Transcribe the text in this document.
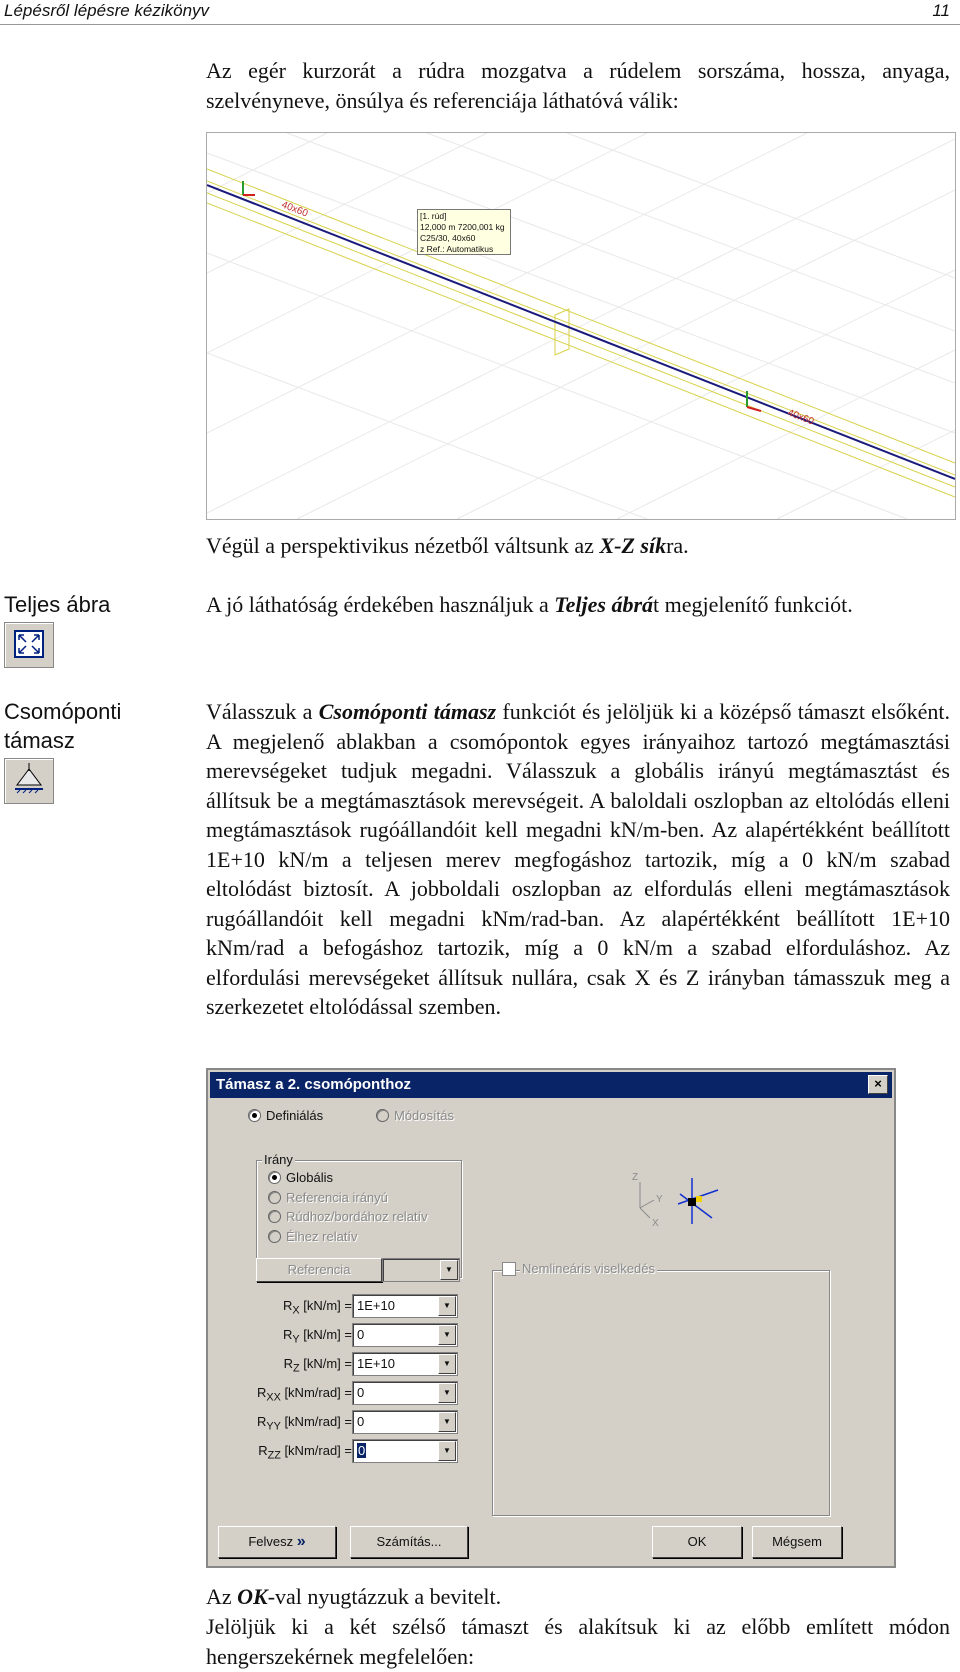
Lépésről lépésre kézikönyv	11

Az egér kurzorát a rúdra mozgatva a rúdelem sorszáma, hossza, anyaga, szelvényneve, önsúlya és referenciája láthatóvá válik:

40x60
40x60
[1. rúd]
12,000 m 7200,001 kg
C25/30, 40x60
z Ref.: Automatikus

Végül a perspektivikus nézetből váltsunk az X-Z síkra.

Teljes ábra	A jó láthatóság érdekében használjuk a Teljes ábrát megjelenítő funkciót.

Csomóponti
támasz

Válasszuk a Csomóponti támasz funkciót és jelöljük ki a középső támaszt elsőként. A megjelenő ablakban a csomópontok egyes irányaihoz tartozó megtámasztási merevségeket tudjuk megadni. Válasszuk a globális irányú megtámasztást és állítsuk be a megtámasztások merevségeit. A baloldali oszlopban az eltolódás elleni megtámasztások rugóállandóit kell megadni kN/m-ben. Az alapértékként beállított 1E+10 kN/m a teljesen merev megfogáshoz tartozik, míg a 0 kN/m szabad eltolódást biztosít. A jobboldali oszlopban az elfordulás elleni megtámasztások rugóállandóit kell megadni kNm/rad-ban. Az alapértékként beállított 1E+10 kNm/rad a befogáshoz tartozik, míg a 0 kN/m a szabad elforduláshoz. Az elfordulási merevségeket állítsuk nullára, csak X és Z irányban támasszuk meg a szerkezetet eltolódással szemben.

Támasz a 2. csomóponthoz	×
Definiálás	Módosítás
Irány
Globális
Referencia irányú
Rúdhoz/bordához relatív
Élhez relatív
Z
Y
X
Referencia	▼	Nemlineáris viselkedés
$R_X$ [kN/m] = 1E+10	▼
$R_Y$ [kN/m] = 0	▼
$R_Z$ [kN/m] = 1E+10	▼
$R_{XX}$ [kNm/rad] = 0	▼
$R_{YY}$ [kNm/rad] = 0	▼
$R_{ZZ}$ [kNm/rad] = 0	▼
Felvesz »	Számítás...	OK	Mégsem

Az OK-val nyugtázzuk a bevitelt.

Jelöljük ki a két szélső támaszt és alakítsuk ki az előbb említett módon hengerszekérnek megfelelően:
